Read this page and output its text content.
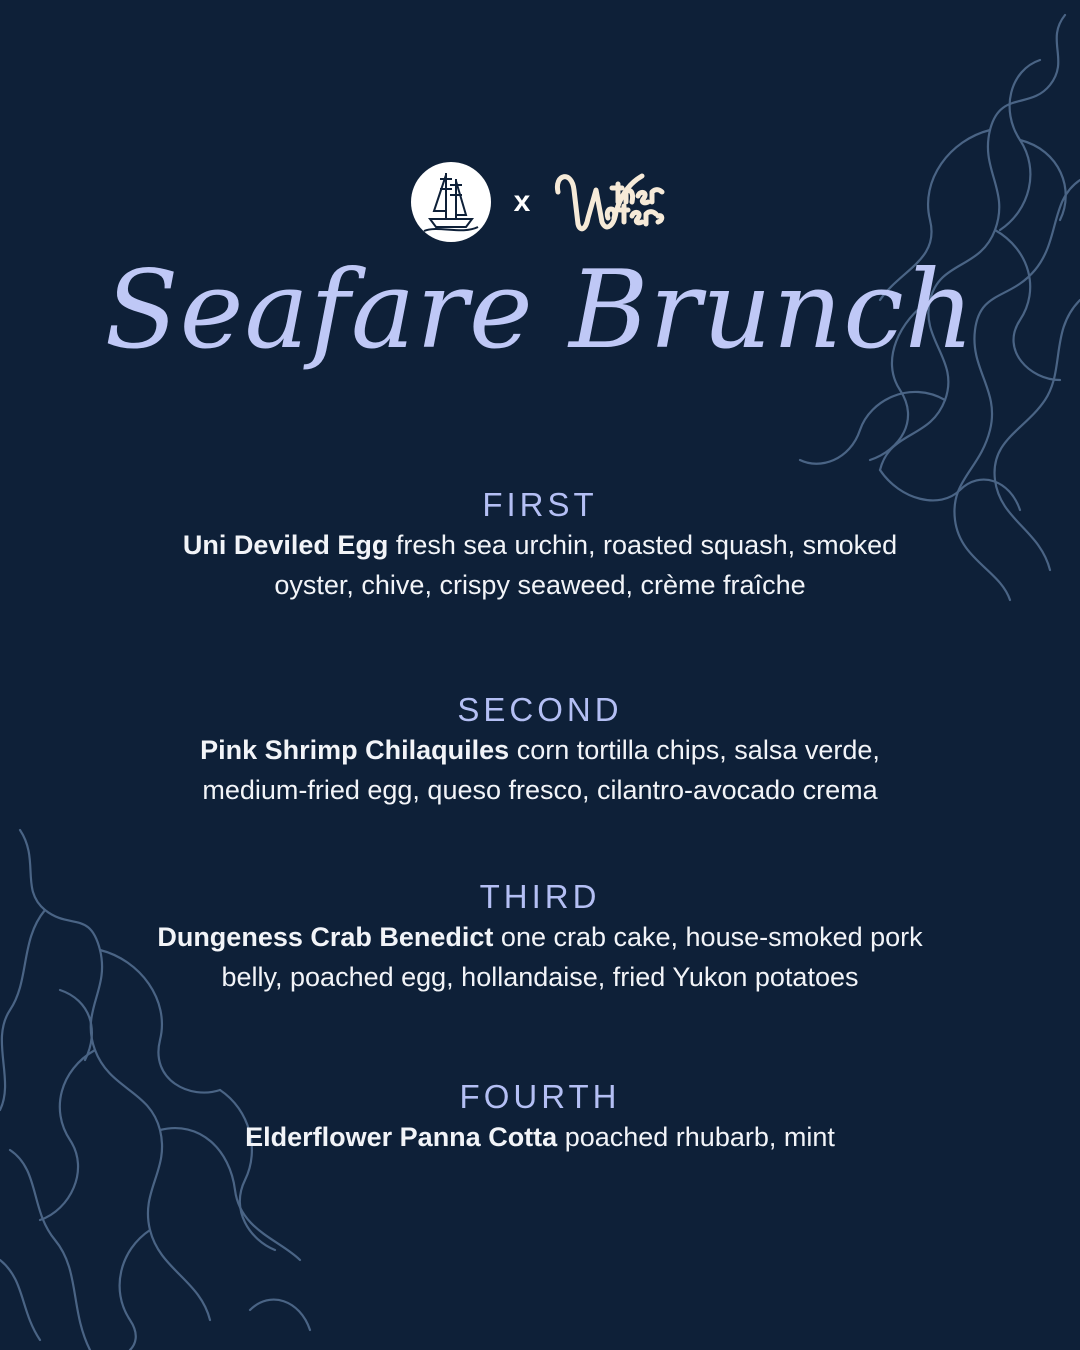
x
Seafare Brunch
FIRST
Uni Deviled Egg fresh sea urchin, roasted squash, smoked oyster, chive, crispy seaweed, crème fraîche
SECOND
Pink Shrimp Chilaquiles corn tortilla chips, salsa verde, medium-fried egg, queso fresco, cilantro-avocado crema
THIRD
Dungeness Crab Benedict one crab cake, house-smoked pork belly, poached egg, hollandaise, fried Yukon potatoes
FOURTH
Elderflower Panna Cotta poached rhubarb, mint
